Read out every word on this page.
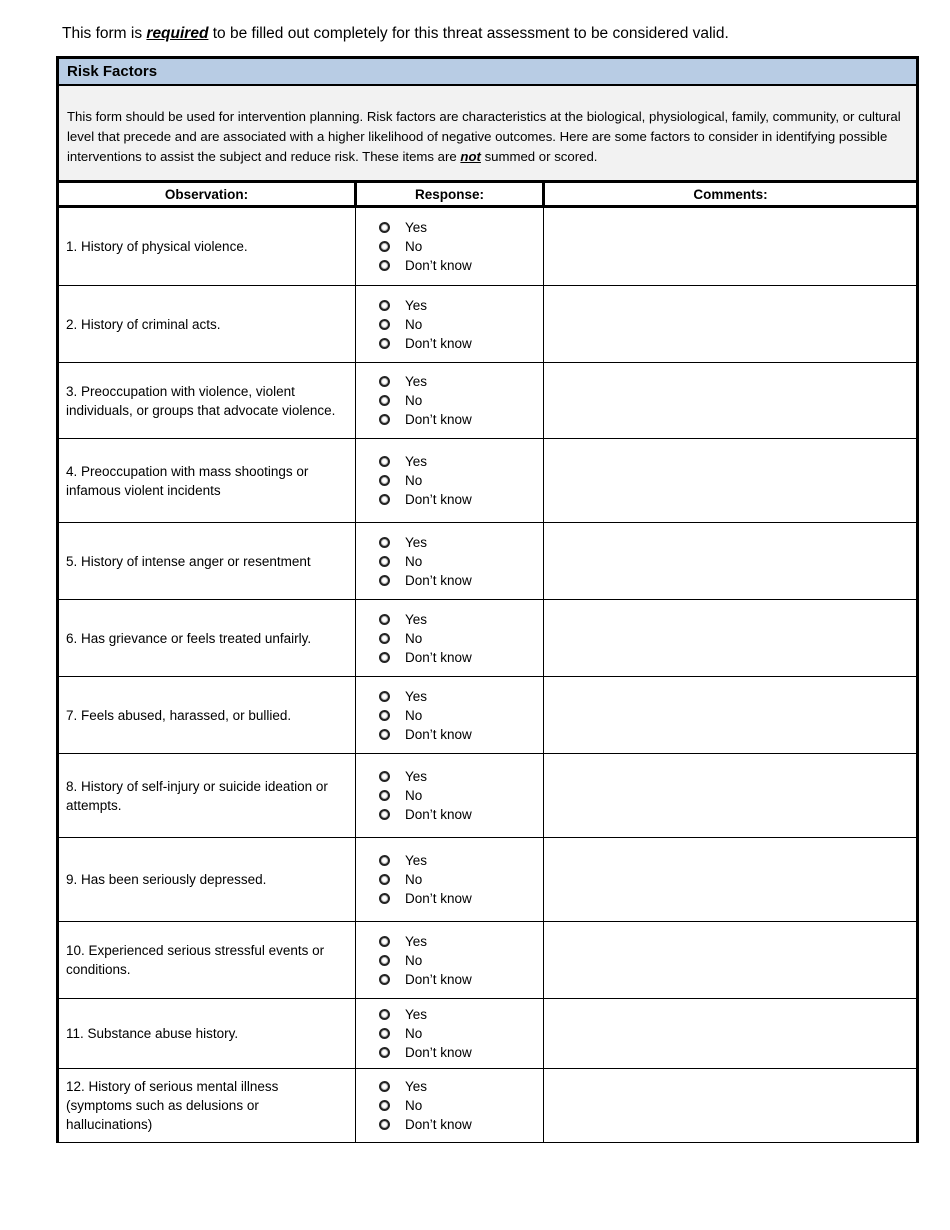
This form is required to be filled out completely for this threat assessment to be considered valid.
Risk Factors
This form should be used for intervention planning. Risk factors are characteristics at the biological, physiological, family, community, or cultural level that precede and are associated with a higher likelihood of negative outcomes. Here are some factors to consider in identifying possible interventions to assist the subject and reduce risk. These items are not summed or scored.
Observation:	Response:	Comments:
1. History of physical violence.	Yes
No
Don’t know	

2. History of criminal acts.	Yes
No
Don’t know	

3. Preoccupation with violence, violent individuals, or groups that advocate violence.	Yes
No
Don’t know	

4. Preoccupation with mass shootings or infamous violent incidents	Yes
No
Don’t know	

5. History of intense anger or resentment	Yes
No
Don’t know	

6. Has grievance or feels treated unfairly.	Yes
No
Don’t know	

7. Feels abused, harassed, or bullied.	Yes
No
Don’t know	

8. History of self-injury or suicide ideation or attempts.	Yes
No
Don’t know	

9. Has been seriously depressed.	Yes
No
Don’t know	

10. Experienced serious stressful events or conditions.	Yes
No
Don’t know	

11. Substance abuse history.	Yes
No
Don’t know	

12. History of serious mental illness (symptoms such as delusions or hallucinations)	Yes
No
Don’t know	
